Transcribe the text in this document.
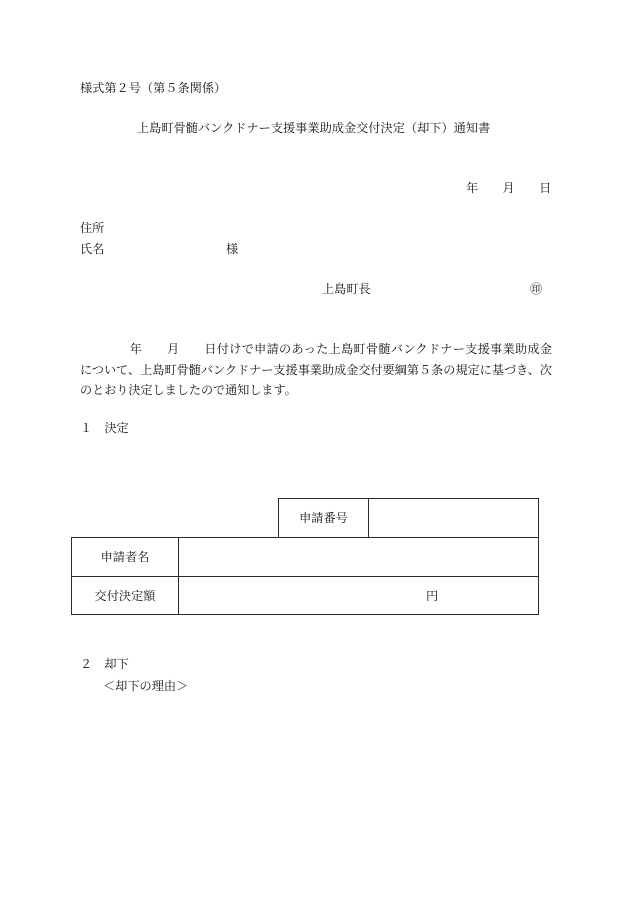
様式第２号（第５条関係）
上島町骨髄バンクドナー支援事業助成金交付決定（却下）通知書
年　　月　　日
住所
氏名	様
上島町長	㊞
　　　　年　　月　　日付けで申請のあった上島町骨髄バンクドナー支援事業助成金
について、上島町骨髄バンクドナー支援事業助成金交付要綱第５条の規定に基づき、次
のとおり決定しましたので通知します。
１　決定
申請番号
申請者名
交付決定額	円
２　却下
＜却下の理由＞
